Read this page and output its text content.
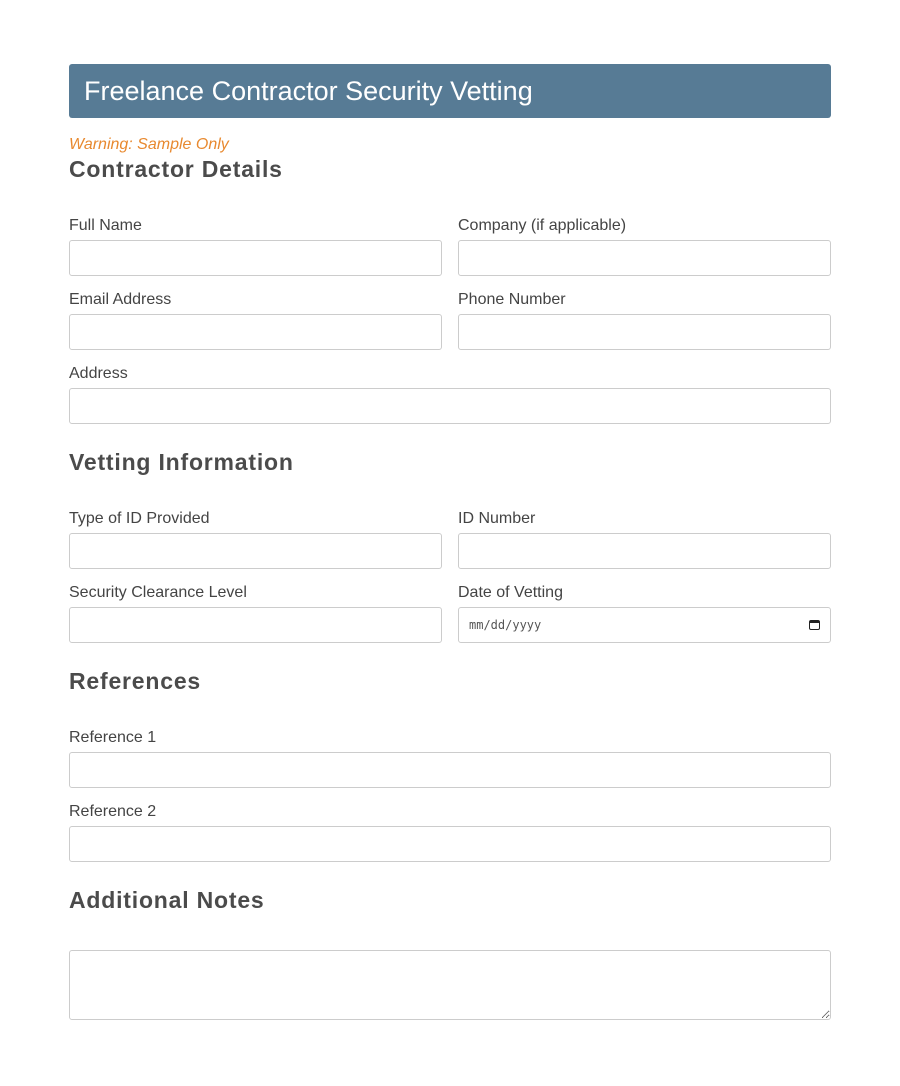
Freelance Contractor Security Vetting
Warning: Sample Only
Contractor Details
Full Name	Company (if applicable)
Email Address	Phone Number
Address
Vetting Information
Type of ID Provided	ID Number
Security Clearance Level	Date of Vetting
mm/dd/yyyy
References
Reference 1
Reference 2
Additional Notes
